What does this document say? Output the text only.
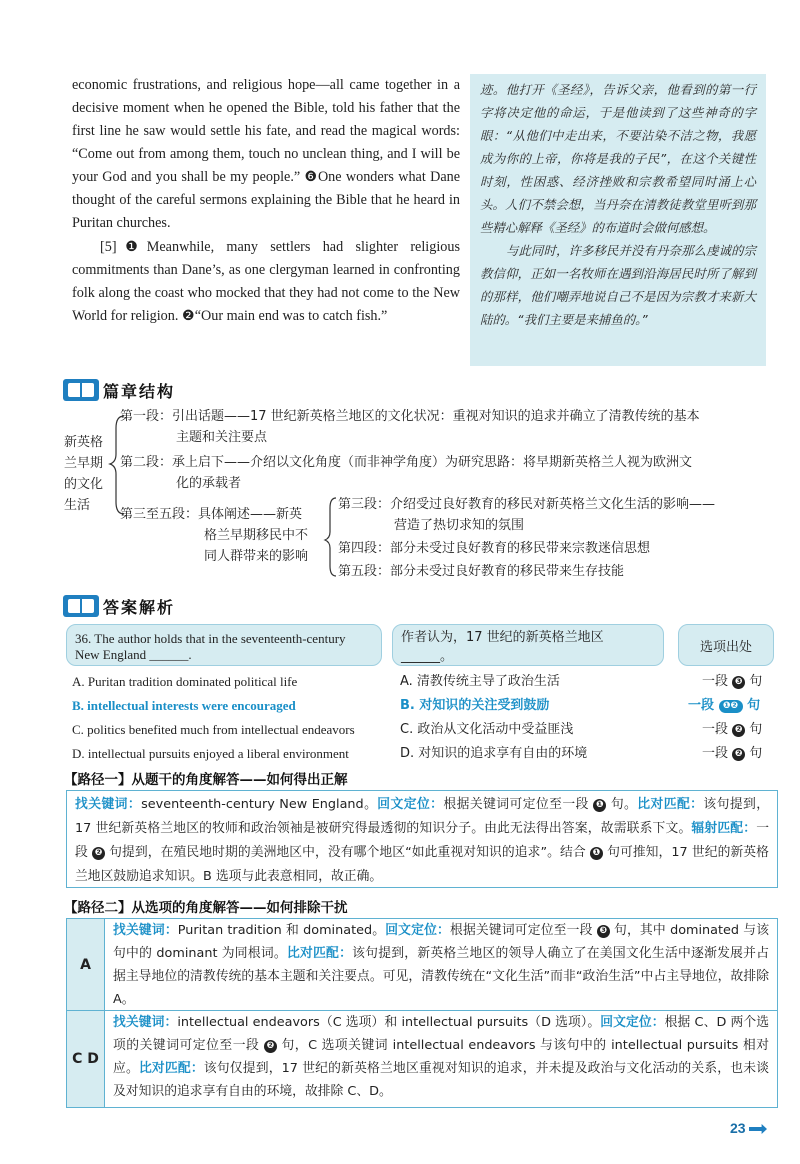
economic frustrations, and religious hope—all came together in a decisive moment when he opened the Bible, told his father that the first line he saw would settle his fate, and read the magical words: “Come out from among them, touch no unclean thing, and I will be your God and you shall be my people.” ❻One wonders what Dane thought of the careful sermons explaining the Bible that he heard in Puritan churches.

[5]❶Meanwhile, many settlers had slighter religious commitments than Dane’s, as one clergyman learned in confronting folk along the coast who mocked that they had not come to the New World for religion. ❷“Our main end was to catch fish.”

迹。他打开《圣经》，告诉父亲，他看到的第一行字将决定他的命运，于是他读到了这些神奇的字眼：“从他们中走出来，不要沾染不洁之物，我愿成为你的上帝，你将是我的子民”，在这个关键性时刻，性困惑、经济挫败和宗教希望同时涌上心头。人们不禁会想，当丹奈在清教徒教堂里听到那些精心解释《圣经》的布道时会做何感想。

与此同时，许多移民并没有丹奈那么虔诚的宗教信仰，正如一名牧师在遇到沿海居民时所了解到的那样，他们嘲弄地说自己不是因为宗教才来新大陆的。“我们主要是来捕鱼的。”

篇章结构
新英格
兰早期
的文化
生活
第一段：引出话题——17 世纪新英格兰地区的文化状况：重视对知识的追求并确立了清教传统的基本
主题和关注要点
第二段：承上启下——介绍以文化角度（而非神学角度）为研究思路：将早期新英格兰人视为欧洲文
化的承载者
第三至五段：具体阐述——新英
格兰早期移民中不
同人群带来的影响
第三段：介绍受过良好教育的移民对新英格兰文化生活的影响——
营造了热切求知的氛围
第四段：部分未受过良好教育的移民带来宗教迷信思想
第五段：部分未受过良好教育的移民带来生存技能
答案解析
36. The author holds that in the seventeenth-century
New England ______.
作者认为，17 世纪的新英格兰地区 ______。
选项出处
A. Puritan tradition dominated political life	A. 清教传统主导了政治生活	一段 ❸ 句
B. intellectual interests were encouraged	B. 对知识的关注受到鼓励	一段 ❶❷ 句
C. politics benefited much from intellectual endeavors	C. 政治从文化活动中受益匪浅	一段 ❷ 句
D. intellectual pursuits enjoyed a liberal environment	D. 对知识的追求享有自由的环境	一段 ❷ 句
【路径一】从题干的角度解答——如何得出正解

找关键词：seventeenth-century New England。回文定位：根据关键词可定位至一段 ❶ 句。比对匹配：该句提到，17 世纪新英格兰地区的牧师和政治领袖是被研究得最透彻的知识分子。由此无法得出答案，故需联系下文。辐射匹配：一段 ❷ 句提到，在殖民地时期的美洲地区中，没有哪个地区“如此重视对知识的追求”。结合 ❶ 句可推知，17 世纪的新英格兰地区鼓励追求知识。B 选项与此表意相同，故正确。

【路径二】从选项的角度解答——如何排除干扰
A

找关键词：Puritan tradition 和 dominated。回文定位：根据关键词可定位至一段 ❸ 句，其中 dominated 与该句中的 dominant 为同根词。比对匹配：该句提到，新英格兰地区的领导人确立了在美国文化生活中逐渐发展并占据主导地位的清教传统的基本主题和关注要点。可见，清教传统在“文化生活”而非“政治生活”中占主导地位，故排除 A。

C D

找关键词：intellectual endeavors（C 选项）和 intellectual pursuits（D 选项）。回文定位：根据 C、D 两个选项的关键词可定位至一段 ❷ 句，C 选项关键词 intellectual endeavors 与该句中的 intellectual pursuits 相对应。比对匹配：该句仅提到，17 世纪的新英格兰地区重视对知识的追求，并未提及政治与文化活动的关系，也未谈及对知识的追求享有自由的环境，故排除 C、D。

23
